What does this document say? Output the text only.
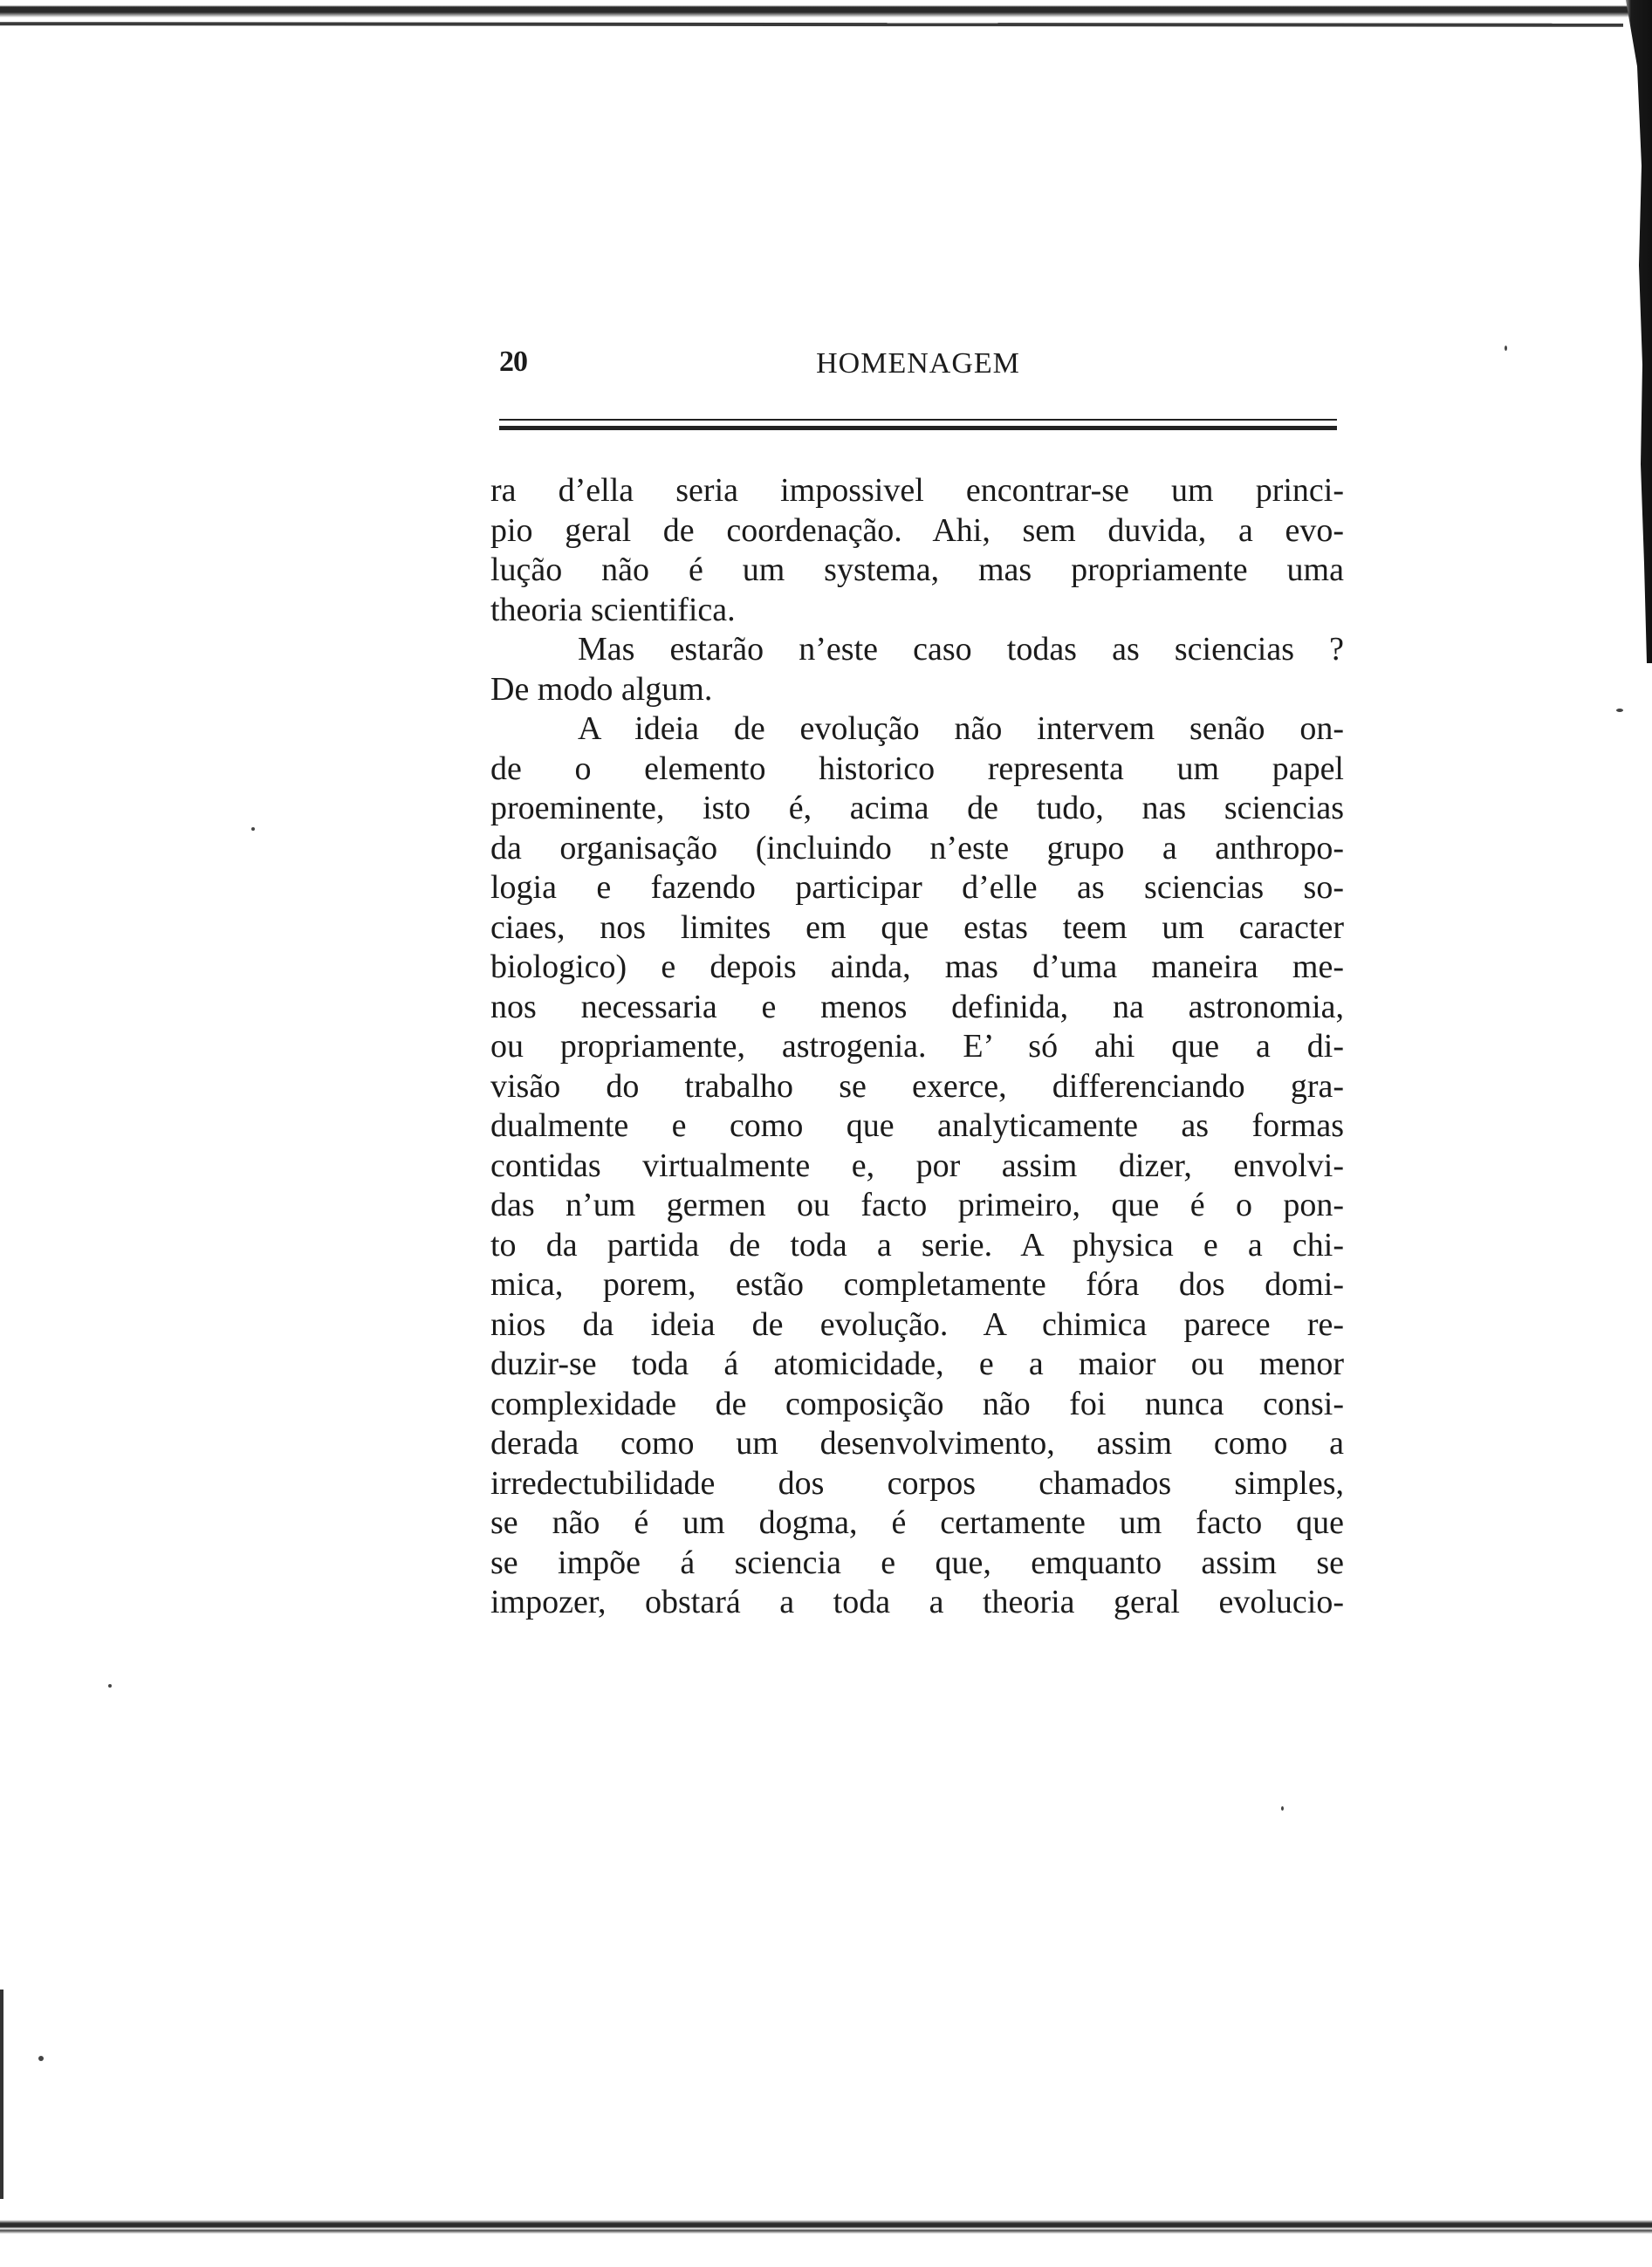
20	HOMENAGEM

ra d’ella seria impossivel encontrar-se um princi-
pio geral de coordenação. Ahi, sem duvida, a evo-
lução não é um systema, mas propriamente uma
theoria scientifica.

Mas estarão n’este caso todas as sciencias ?
De modo algum.

A ideia de evolução não intervem senão on-
de o elemento historico representa um papel
proeminente, isto é, acima de tudo, nas sciencias
da organisação (incluindo n’este grupo a anthropo-
logia e fazendo participar d’elle as sciencias so-
ciaes, nos limites em que estas teem um caracter
biologico) e depois ainda, mas d’uma maneira me-
nos necessaria e menos definida, na astronomia,
ou propriamente, astrogenia. E’ só ahi que a di-
visão do trabalho se exerce, differenciando gra-
dualmente e como que analyticamente as formas
contidas virtualmente e, por assim dizer, envolvi-
das n’um germen ou facto primeiro, que é o pon-
to da partida de toda a serie. A physica e a chi-
mica, porem, estão completamente fóra dos domi-
nios da ideia de evolução. A chimica parece re-
duzir-se toda á atomicidade, e a maior ou menor
complexidade de composição não foi nunca consi-
derada como um desenvolvimento, assim como a
irredectubilidade dos corpos chamados simples,
se não é um dogma, é certamente um facto que
se impõe á sciencia e que, emquanto assim se
impozer, obstará a toda a theoria geral evolucio-
